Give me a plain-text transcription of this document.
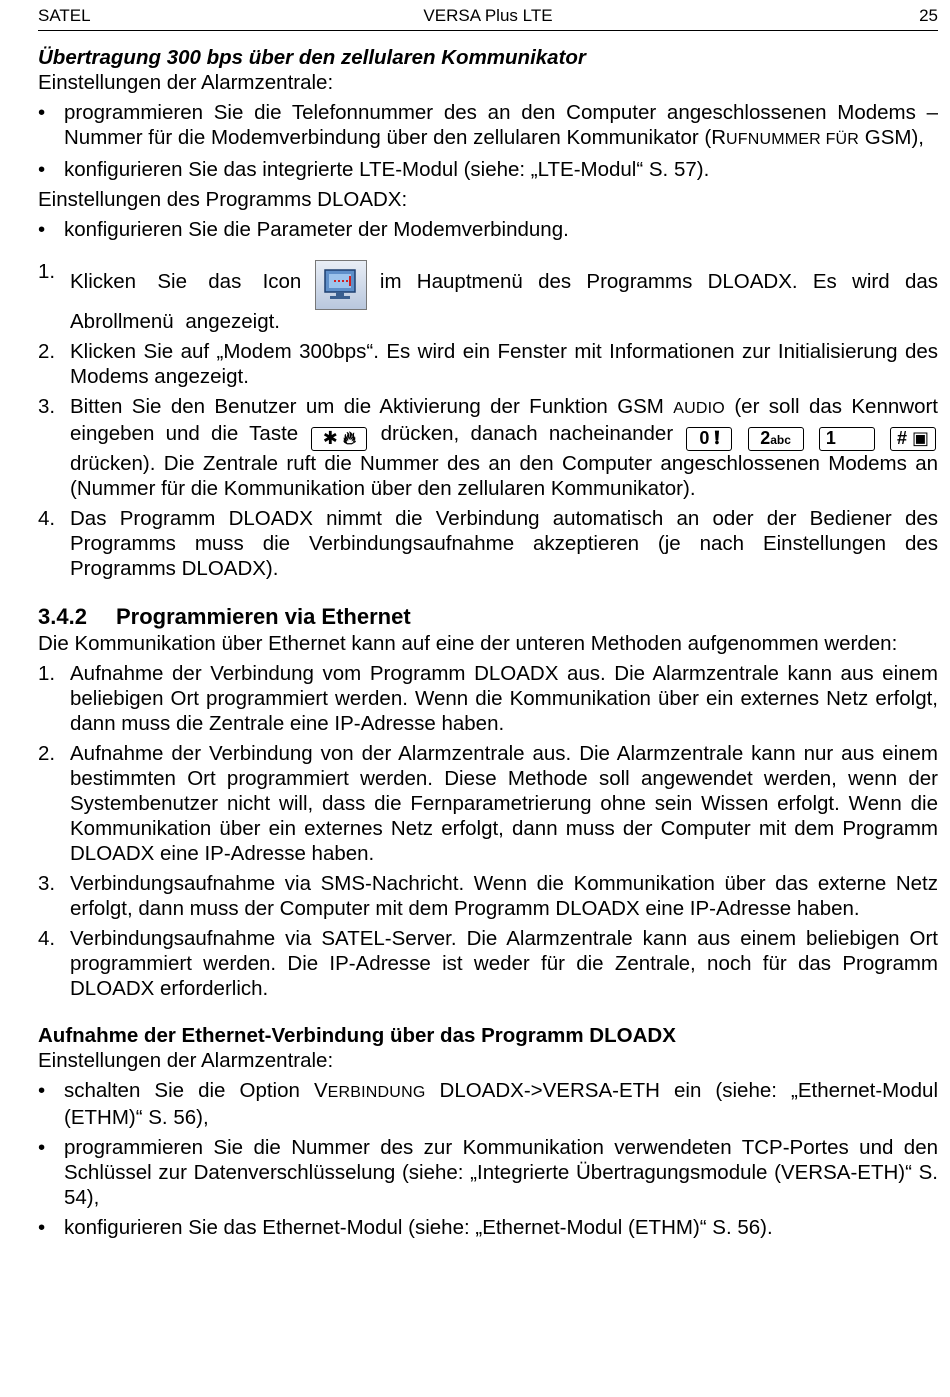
SATEL	VERSA Plus LTE	25
Übertragung 300 bps über den zellularen Kommunikator

Einstellungen der Alarmzentrale:

• programmieren Sie die Telefonnummer des an den Computer angeschlossenen Modems – Nummer für die Modemverbindung über den zellularen Kommunikator (RUFNUMMER FÜR GSM),
• konfigurieren Sie das integrierte LTE-Modul (siehe: „LTE-Modul“ S. 57).

Einstellungen des Programms DLOADX:

• konfigurieren Sie die Parameter der Modemverbindung.
1. Klicken Sie das Icon	im Hauptmenü des Programms DLOADX. Es wird das Abrollmenü angezeigt.
2. Klicken Sie auf „Modem 300bps“. Es wird ein Fenster mit Informationen zur Initialisierung des Modems angezeigt.
3. Bitten Sie den Benutzer um die Aktivierung der Funktion GSM AUDIO (er soll das Kennwort eingeben und die Taste ✱ 🔥︎ drücken, danach nacheinander 0 ❗︎ 2abc 1	# ▣ drücken). Die Zentrale ruft die Nummer des an den Computer angeschlossenen Modems an (Nummer für die Kommunikation über den zellularen Kommunikator).
4. Das Programm DLOADX nimmt die Verbindung automatisch an oder der Bediener des Programms muss die Verbindungsaufnahme akzeptieren (je nach Einstellungen des Programms DLOADX).
3.4.2 Programmieren via Ethernet

Die Kommunikation über Ethernet kann auf eine der unteren Methoden aufgenommen werden:

1. Aufnahme der Verbindung vom Programm DLOADX aus. Die Alarmzentrale kann aus einem beliebigen Ort programmiert werden. Wenn die Kommunikation über ein externes Netz erfolgt, dann muss die Zentrale eine IP-Adresse haben.
2. Aufnahme der Verbindung von der Alarmzentrale aus. Die Alarmzentrale kann nur aus einem bestimmten Ort programmiert werden. Diese Methode soll angewendet werden, wenn der Systembenutzer nicht will, dass die Fernparametrierung ohne sein Wissen erfolgt. Wenn die Kommunikation über ein externes Netz erfolgt, dann muss der Computer mit dem Programm DLOADX eine IP-Adresse haben.
3. Verbindungsaufnahme via SMS-Nachricht. Wenn die Kommunikation über das externe Netz erfolgt, dann muss der Computer mit dem Programm DLOADX eine IP-Adresse haben.
4. Verbindungsaufnahme via SATEL-Server. Die Alarmzentrale kann aus einem beliebigen Ort programmiert werden. Die IP-Adresse ist weder für die Zentrale, noch für das Programm DLOADX erforderlich.
Aufnahme der Ethernet-Verbindung über das Programm DLOADX

Einstellungen der Alarmzentrale:

• schalten Sie die Option VERBINDUNG DLOADX->VERSA-ETH ein (siehe: „Ethernet-Modul (ETHM)“ S. 56),
• programmieren Sie die Nummer des zur Kommunikation verwendeten TCP-Portes und den Schlüssel zur Datenverschlüsselung (siehe: „Integrierte Übertragungsmodule (VERSA-ETH)“ S. 54),
• konfigurieren Sie das Ethernet-Modul (siehe: „Ethernet-Modul (ETHM)“ S. 56).
